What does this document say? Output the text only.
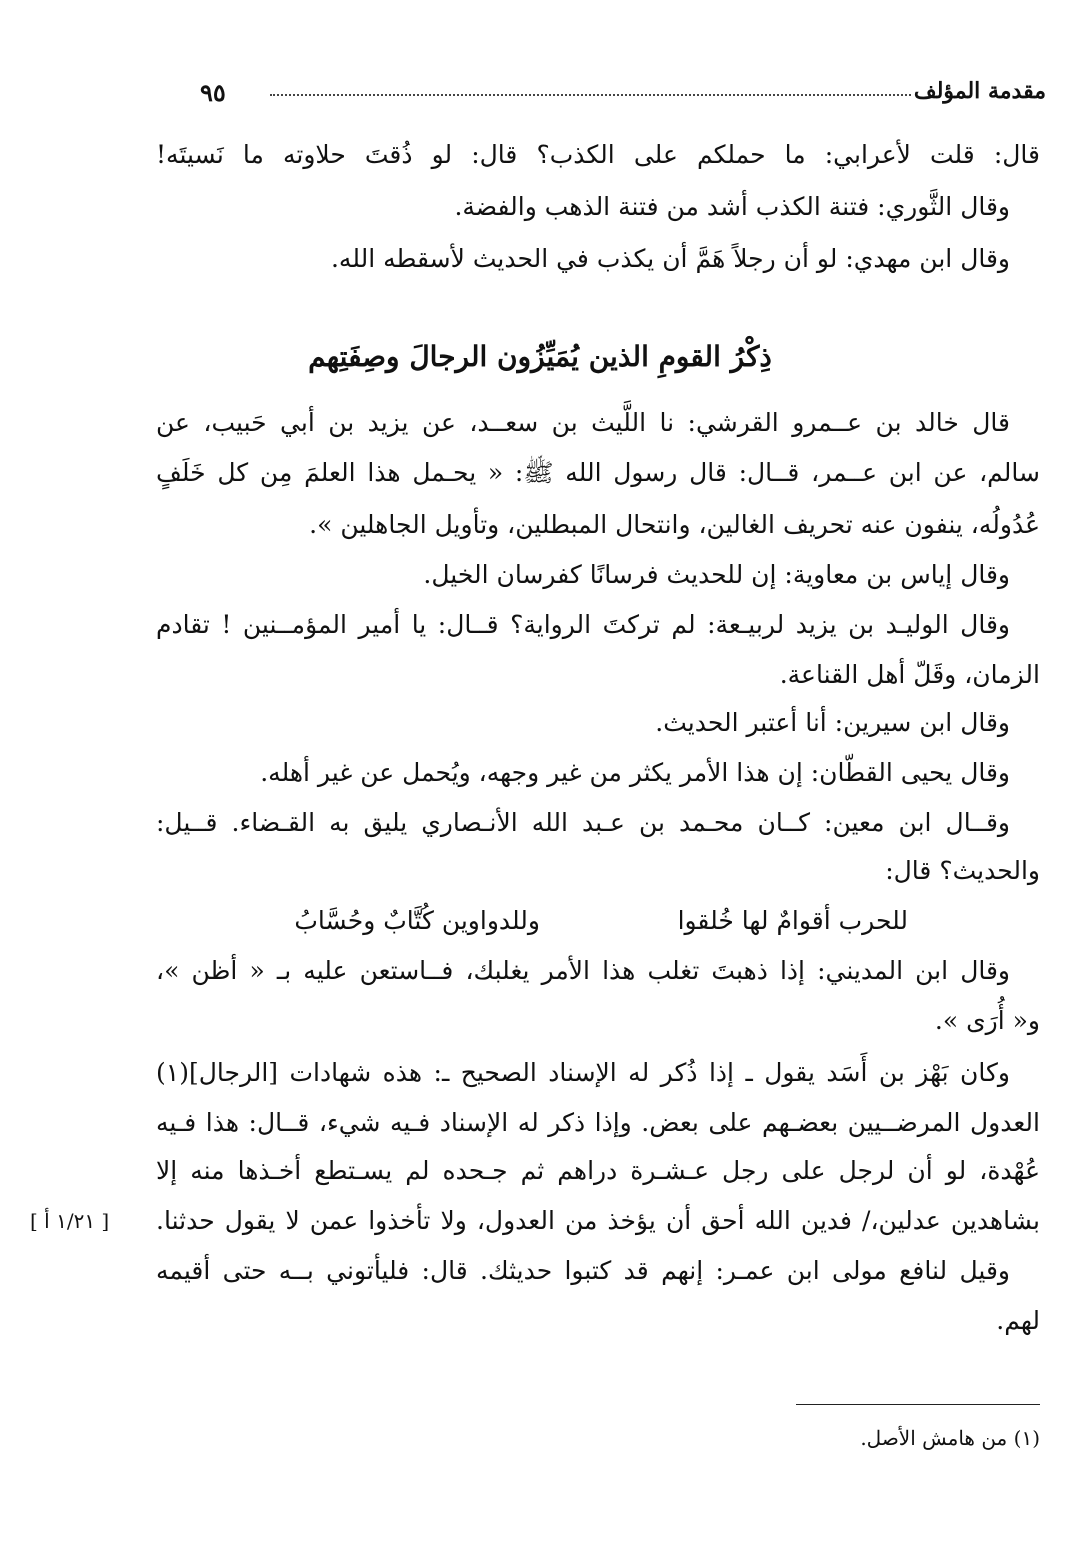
مقدمة المؤلف
٩٥
قال: قلت لأعرابي: ما حملكم على الكذب؟ قال: لو ذُقتَ حلاوته ما نَسيتَه!
وقال الثَّوري: فتنة الكذب أشد من فتنة الذهب والفضة.
وقال ابن مهدي: لو أن رجلاً هَمَّ أن يكذب في الحديث لأسقطه الله.
ذِكْرُ القومِ الذين يُمَيِّزُون الرجالَ وصِفَتِهم
قال خالد بن عــمرو القرشي: نا اللَّيث بن سعــد، عن يزيد بن أبي حَبيب، عن
سالم، عن ابن عــمر، قــال: قال رسول الله ﷺ: « يحـمل هذا العلمَ مِن كل خَلَفٍ
عُدُولُه، ينفون عنه تحريف الغالين، وانتحال المبطلين، وتأويل الجاهلين ».
وقال إياس بن معاوية: إن للحديث فرسانًا كفرسان الخيل.
وقال الوليـد بن يزيد لربيـعة: لم تركتَ الرواية؟ قــال: يا أمير المؤمــنين ! تقادم
الزمان، وقَلّ أهل القناعة.
وقال ابن سيرين: أنا أعتبر الحديث.
وقال يحيى القطّان: إن هذا الأمر يكثر من غير وجهه، ويُحمل عن غير أهله.
وقــال ابن معين: كــان محـمد بن عـبد الله الأنـصاري يليق به القـضاء. قــيل:
والحديث؟ قال:
للحرب أقوامٌ لها خُلقوا
وللدواوين كُتَّابٌ وحُسَّابُ
وقال ابن المديني: إذا ذهبتَ تغلب هذا الأمر يغلبك، فــاستعن عليه بـ « أظن »،
و« أُرَى ».
وكان بَهْز بن أَسَد يقول ـ إذا ذُكر له الإسناد الصحيح ـ: هذه شهادات [الرجال](١)
العدول المرضــيين بعضـهم على بعض. وإذا ذكر له الإسناد فـيه شيء، قــال: هذا فـيه
عُهْدة، لو أن لرجل على رجل عـشـرة دراهم ثم جـحده لم يسـتطع أخـذها منه إلا
بشاهدين عدلين،/ فدين الله أحق أن يؤخذ من العدول، ولا تأخذوا عمن لا يقول حدثنا.
وقيل لنافع مولى ابن عمـر: إنهم قد كتبوا حديثك. قال: فليأتوني بــه حتى أقيمه
لهم.
[ ١/٢١ أ ]
(١) من هامش الأصل.
